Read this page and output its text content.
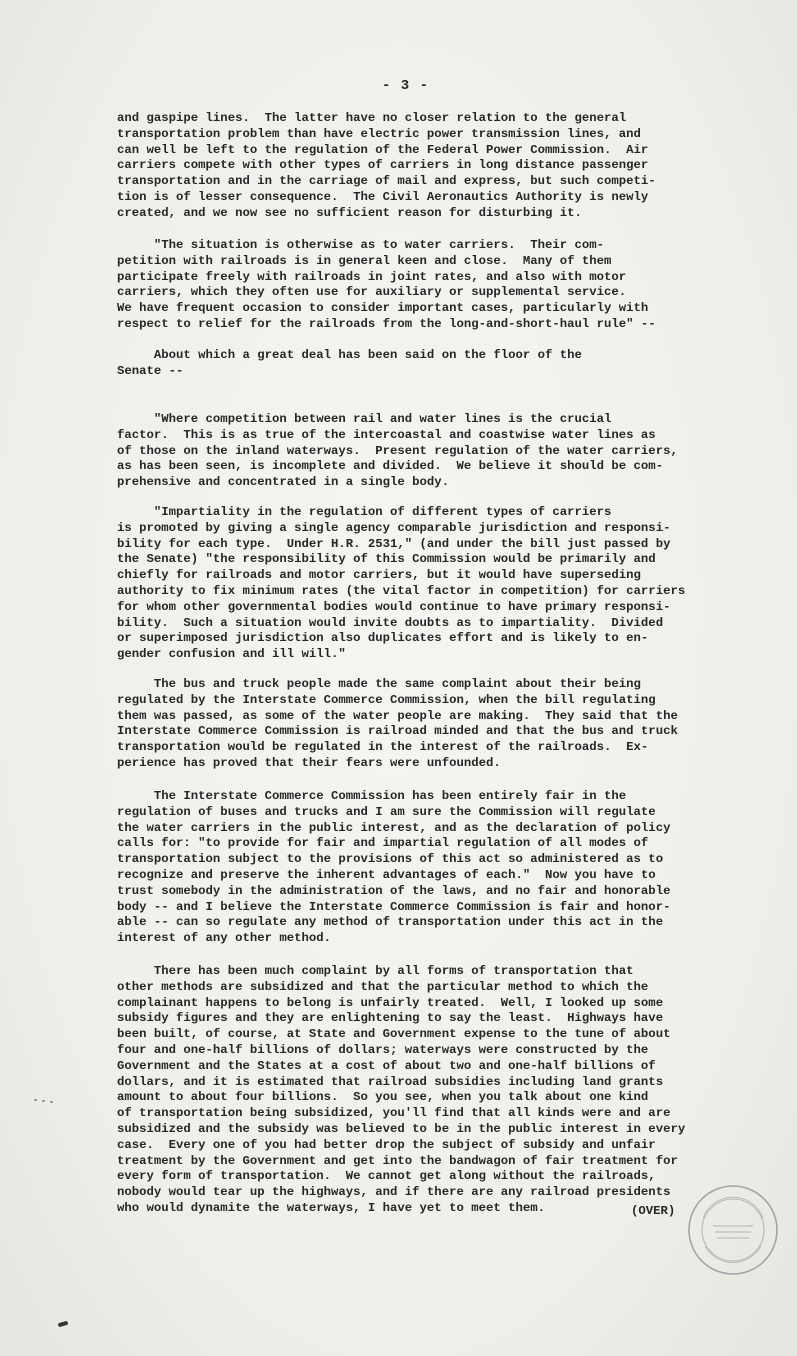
- 3 -
and gaspipe lines.  The latter have no closer relation to the general
transportation problem than have electric power transmission lines, and
can well be left to the regulation of the Federal Power Commission.  Air
carriers compete with other types of carriers in long distance passenger
transportation and in the carriage of mail and express, but such competi-
tion is of lesser consequence.  The Civil Aeronautics Authority is newly
created, and we now see no sufficient reason for disturbing it.
"The situation is otherwise as to water carriers.  Their com-
petition with railroads is in general keen and close.  Many of them
participate freely with railroads in joint rates, and also with motor
carriers, which they often use for auxiliary or supplemental service.
We have frequent occasion to consider important cases, particularly with
respect to relief for the railroads from the long-and-short-haul rule" --
About which a great deal has been said on the floor of the
Senate --
"Where competition between rail and water lines is the crucial
factor.  This is as true of the intercoastal and coastwise water lines as
of those on the inland waterways.  Present regulation of the water carriers,
as has been seen, is incomplete and divided.  We believe it should be com-
prehensive and concentrated in a single body.
"Impartiality in the regulation of different types of carriers
is promoted by giving a single agency comparable jurisdiction and responsi-
bility for each type.  Under H.R. 2531," (and under the bill just passed by
the Senate) "the responsibility of this Commission would be primarily and
chiefly for railroads and motor carriers, but it would have superseding
authority to fix minimum rates (the vital factor in competition) for carriers
for whom other governmental bodies would continue to have primary responsi-
bility.  Such a situation would invite doubts as to impartiality.  Divided
or superimposed jurisdiction also duplicates effort and is likely to en-
gender confusion and ill will."
The bus and truck people made the same complaint about their being
regulated by the Interstate Commerce Commission, when the bill regulating
them was passed, as some of the water people are making.  They said that the
Interstate Commerce Commission is railroad minded and that the bus and truck
transportation would be regulated in the interest of the railroads.  Ex-
perience has proved that their fears were unfounded.
The Interstate Commerce Commission has been entirely fair in the
regulation of buses and trucks and I am sure the Commission will regulate
the water carriers in the public interest, and as the declaration of policy
calls for: "to provide for fair and impartial regulation of all modes of
transportation subject to the provisions of this act so administered as to
recognize and preserve the inherent advantages of each."  Now you have to
trust somebody in the administration of the laws, and no fair and honorable
body -- and I believe the Interstate Commerce Commission is fair and honor-
able -- can so regulate any method of transportation under this act in the
interest of any other method.
There has been much complaint by all forms of transportation that
other methods are subsidized and that the particular method to which the
complainant happens to belong is unfairly treated.  Well, I looked up some
subsidy figures and they are enlightening to say the least.  Highways have
been built, of course, at State and Government expense to the tune of about
four and one-half billions of dollars; waterways were constructed by the
Government and the States at a cost of about two and one-half billions of
dollars, and it is estimated that railroad subsidies including land grants
amount to about four billions.  So you see, when you talk about one kind
of transportation being subsidized, you'll find that all kinds were and are
subsidized and the subsidy was believed to be in the public interest in every
case.  Every one of you had better drop the subject of subsidy and unfair
treatment by the Government and get into the bandwagon of fair treatment for
every form of transportation.  We cannot get along without the railroads,
nobody would tear up the highways, and if there are any railroad presidents
who would dynamite the waterways, I have yet to meet them.	(OVER)
